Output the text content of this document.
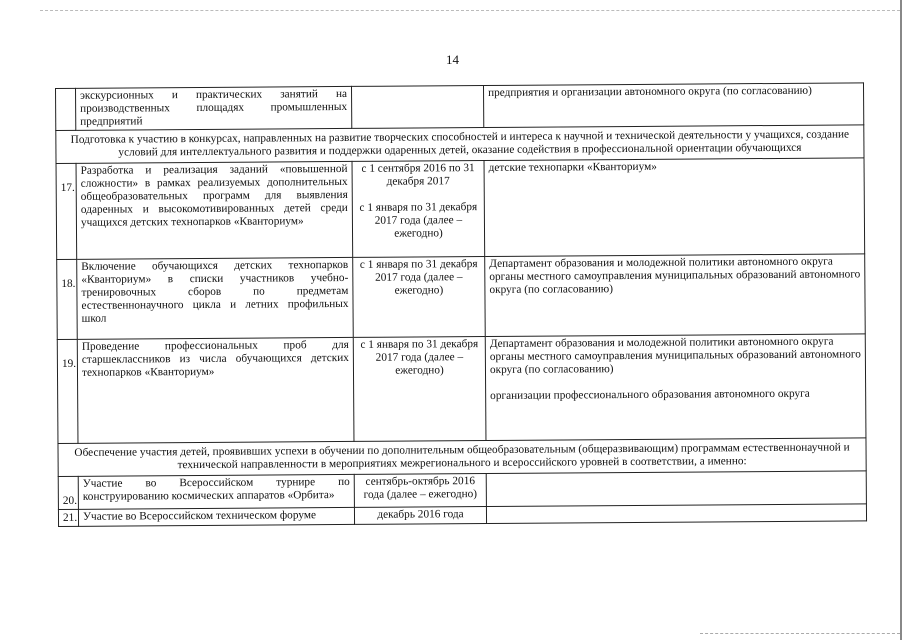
14
	экскурсионных и практических занятий на производственных площадях промышленных предприятий		предприятия и организации автономного округа (по согласованию)
Подготовка к участию в конкурсах, направленных на развитие творческих способностей и интереса к научной и технической деятельности у учащихся, создание условий для интеллектуального развития и поддержки одаренных детей, оказание содействия в профессиональной ориентации обучающихся			
17.	Разработка и реализация заданий «повышенной сложности» в рамках реализуемых дополнительных общеобразовательных программ для выявления одаренных и высокомотивированных детей среди учащихся детских технопарков «Кванториум»	с 1 сентября 2016 по 31 декабря 2017
с 1 января по 31 декабря 2017 года (далее – ежегодно)	детские технопарки «Кванториум»
18.	Включение обучающихся детских технопарков «Кванториум» в списки участников учебно-тренировочных сборов по предметам естественнонаучного цикла и летних профильных школ	с 1 января по 31 декабря 2017 года (далее – ежегодно)	Департамент образования и молодежной политики автономного округа
органы местного самоуправления муниципальных образований автономного округа (по согласованию)

19.	Проведение профессиональных проб для старшеклассников из числа обучающихся детских технопарков «Кванториум»	с 1 января по 31 декабря 2017 года (далее – ежегодно)	Департамент образования и молодежной политики автономного округа
органы местного самоуправления муниципальных образований автономного округа (по согласованию)
организации профессионального образования автономного округа

Обеспечение участия детей, проявивших успехи в обучении по дополнительным общеобразовательным (общеразвивающим) программам естественнонаучной и технической направленности в мероприятиях межрегионального и всероссийского уровней в соответствии, а именно:			
20.	Участие во Всероссийском турнире по конструированию космических аппаратов «Орбита»	сентябрь-октябрь 2016 года (далее – ежегодно)	
21.	Участие во Всероссийском техническом форуме	декабрь 2016 года	
